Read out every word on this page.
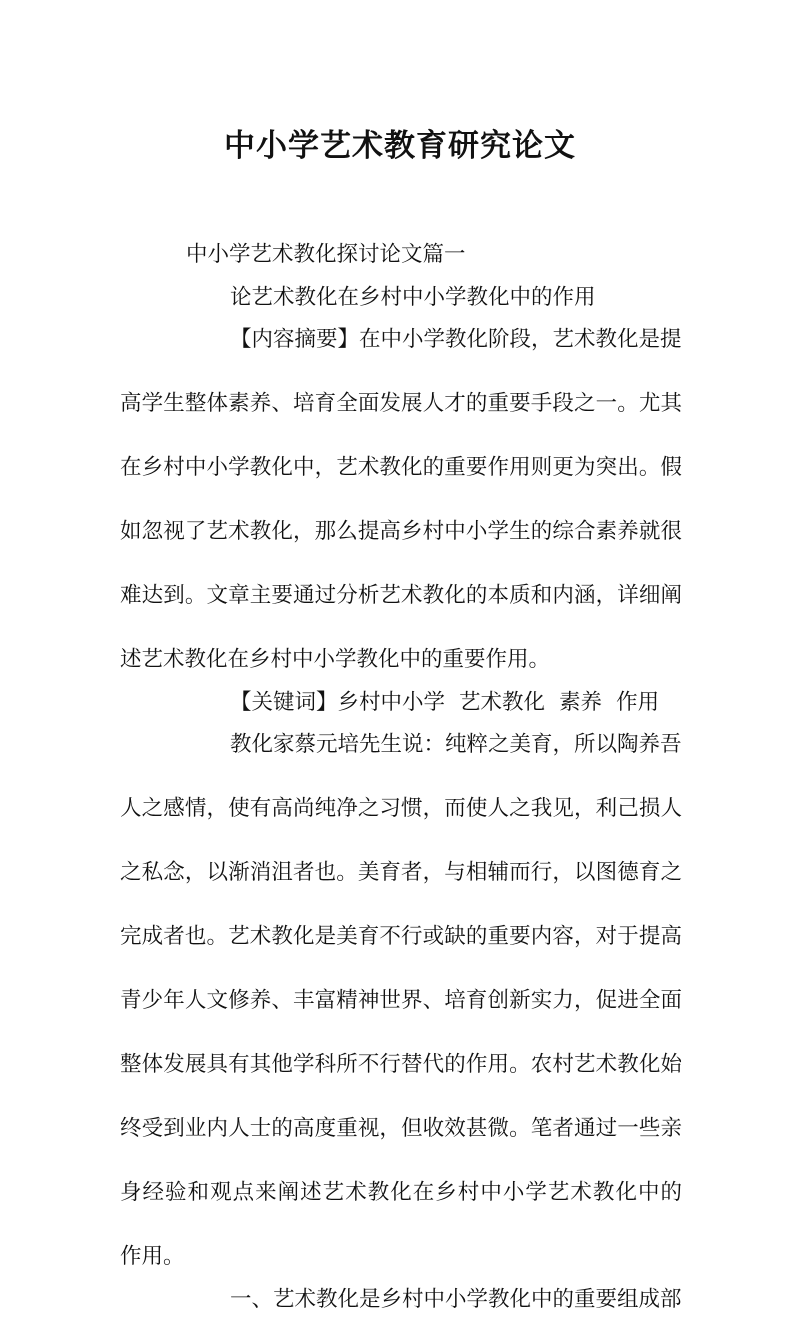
中小学艺术教育研究论文

中小学艺术教化探讨论文篇一

论艺术教化在乡村中小学教化中的作用

【内容摘要】在中小学教化阶段，艺术教化是提

高学生整体素养、培育全面发展人才的重要手段之一。尤其

在乡村中小学教化中，艺术教化的重要作用则更为突出。假

如忽视了艺术教化，那么提高乡村中小学生的综合素养就很

难达到。文章主要通过分析艺术教化的本质和内涵，详细阐

述艺术教化在乡村中小学教化中的重要作用。

【关键词】乡村中小学 艺术教化 素养 作用

教化家蔡元培先生说：纯粹之美育，所以陶养吾

人之感情，使有高尚纯净之习惯，而使人之我见，利己损人

之私念，以渐消沮者也。美育者，与相辅而行，以图德育之

完成者也。艺术教化是美育不行或缺的重要内容，对于提高

青少年人文修养、丰富精神世界、培育创新实力，促进全面

整体发展具有其他学科所不行替代的作用。农村艺术教化始

终受到业内人士的高度重视，但收效甚微。笔者通过一些亲

身经验和观点来阐述艺术教化在乡村中小学艺术教化中的

作用。

一、艺术教化是乡村中小学教化中的重要组成部
